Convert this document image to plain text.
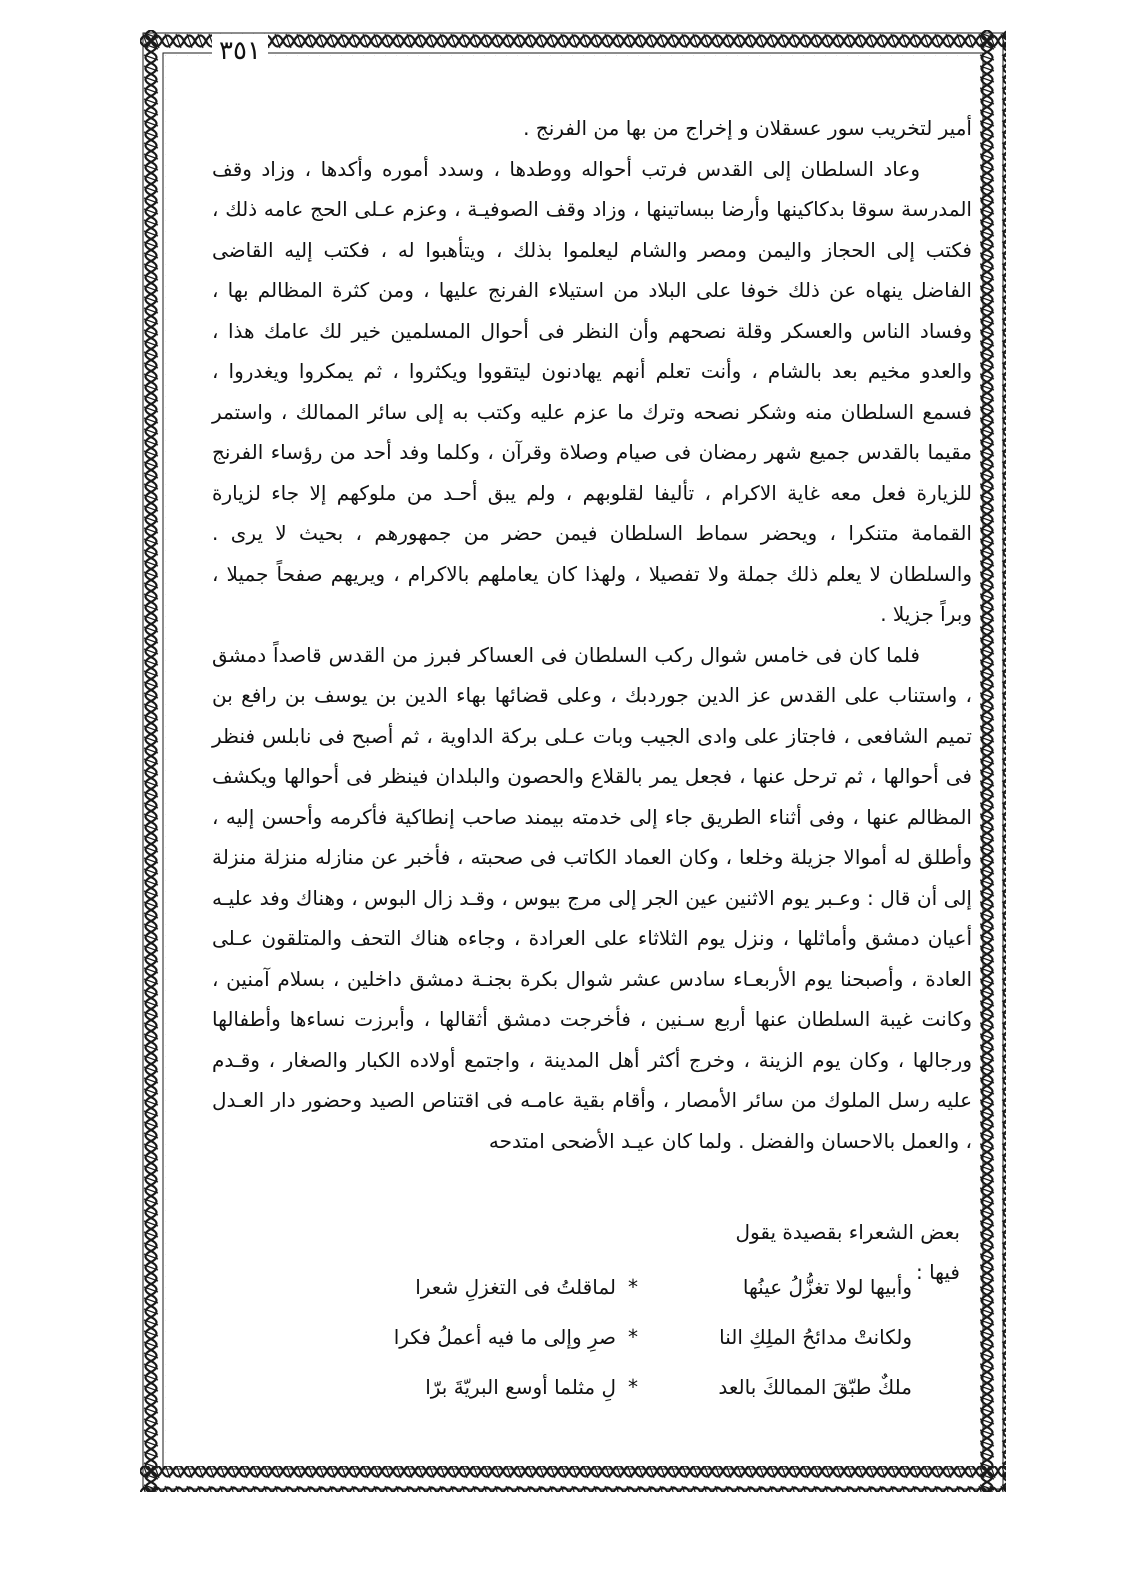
٣٥١

أمير لتخريب سور عسقلان و إخراج من بها من الفرنج .

وعاد السلطان إلى القدس فرتب أحواله ووطدها ، وسدد أموره وأكدها ، وزاد وقف المدرسة سوقا بدكاكينها وأرضا ببساتينها ، وزاد وقف الصوفيـة ، وعزم عـلى الحج عامه ذلك ، فكتب إلى الحجاز واليمن ومصر والشام ليعلموا بذلك ، ويتأهبوا له ، فكتب إليه القاضى الفاضل ينهاه عن ذلك خوفا على البلاد من استيلاء الفرنج عليها ، ومن كثرة المظالم بها ، وفساد الناس والعسكر وقلة نصحهم وأن النظر فى أحوال المسلمين خير لك عامك هذا ، والعدو مخيم بعد بالشام ، وأنت تعلم أنهم يهادنون ليتقووا ويكثروا ، ثم يمكروا ويغدروا ، فسمع السلطان منه وشكر نصحه وترك ما عزم عليه وكتب به إلى سائر الممالك ، واستمر مقيما بالقدس جميع شهر رمضان فى صيام وصلاة وقرآن ، وكلما وفد أحد من رؤساء الفرنج للزيارة فعل معه غاية الاكرام ، تأليفا لقلوبهم ، ولم يبق أحـد من ملوكهم إلا جاء لزيارة القمامة متنكرا ، ويحضر سماط السلطان فيمن حضر من جمهورهم ، بحيث لا يرى . والسلطان لا يعلم ذلك جملة ولا تفصيلا ، ولهذا كان يعاملهم بالاكرام ، ويريهم صفحاً جميلا ، وبراً جزيلا .

فلما كان فى خامس شوال ركب السلطان فى العساكر فبرز من القدس قاصداً دمشق ، واستناب على القدس عز الدين جوردبك ، وعلى قضائها بهاء الدين بن يوسف بن رافع بن تميم الشافعى ، فاجتاز على وادى الجيب وبات عـلى بركة الداوية ، ثم أصبح فى نابلس فنظر فى أحوالها ، ثم ترحل عنها ، فجعل يمر بالقلاع والحصون والبلدان فينظر فى أحوالها ويكشف المظالم عنها ، وفى أثناء الطريق جاء إلى خدمته بيمند صاحب إنطاكية فأكرمه وأحسن إليه ، وأطلق له أموالا جزيلة وخلعا ، وكان العماد الكاتب فى صحبته ، فأخبر عن منازله منزلة منزلة إلى أن قال : وعـبر يوم الاثنين عين الجر إلى مرج بيوس ، وقـد زال البوس ، وهناك وفد عليـه أعيان دمشق وأماثلها ، ونزل يوم الثلاثاء على العرادة ، وجاءه هناك التحف والمتلقون عـلى العادة ، وأصبحنا يوم الأربعـاء سادس عشر شوال بكرة بجنـة دمشق داخلين ، بسلام آمنين ، وكانت غيبة السلطان عنها أربع سـنين ، فأخرجت دمشق أثقالها ، وأبرزت نساءها وأطفالها ورجالها ، وكان يوم الزينة ، وخرج أكثر أهل المدينة ، واجتمع أولاده الكبار والصغار ، وقـدم عليه رسل الملوك من سائر الأمصار ، وأقام بقية عامـه فى اقتناص الصيد وحضور دار العـدل ، والعمل بالاحسان والفضل . ولما كان عيـد الأضحى امتدحه

بعض الشعراء بقصيدة يقول فيها :
وأبيها لولا تغزُّلُ عينُها
*
لماقلتُ فى التغزلِ شعرا
ولكانتْ مدائحُ الملِكِ النا
*
صرِ وإلى ما فيه أعملُ فكرا
ملكٌ طبّقَ الممالكَ بالعد
*
لِ مثلما أوسع البريّةَ برّا
